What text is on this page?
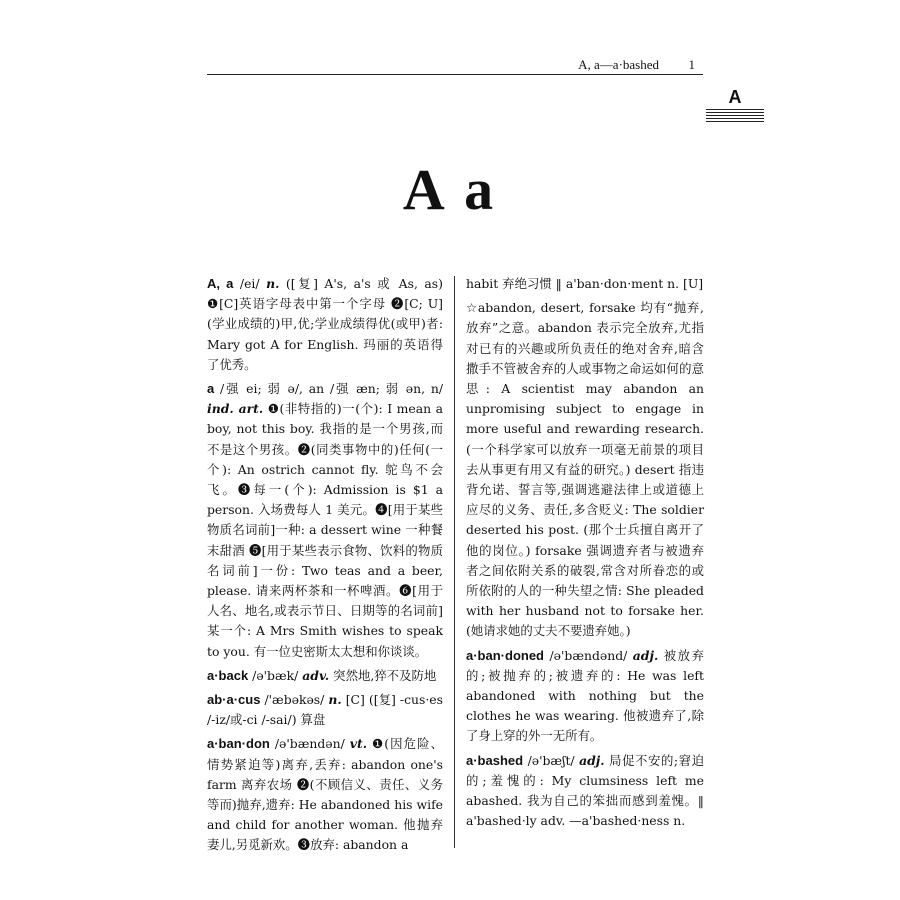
A, a—a·bashed 1
A
A a

A, a /ei/ n. ([复] A's, a's 或 As, as) ❶[C]英语字母表中第一个字母 ❷[C; U](学业成绩的)甲,优;学业成绩得优(或甲)者: Mary got A for English. 玛丽的英语得了优秀。

a /强 ei; 弱 ə/, an /强 æn; 弱 ən, n/ ind. art. ❶(非特指的)一(个): I mean a boy, not this boy. 我指的是一个男孩,而不是这个男孩。❷(同类事物中的)任何(一个): An ostrich cannot fly. 鸵鸟不会飞。❸每一(个): Admission is $1 a person. 入场费每人 1 美元。❹[用于某些物质名词前]一种: a dessert wine 一种餐末甜酒 ❺[用于某些表示食物、饮料的物质名词前]一份: Two teas and a beer, please. 请来两杯茶和一杯啤酒。❻[用于人名、地名,或表示节日、日期等的名词前]某一个: A Mrs Smith wishes to speak to you. 有一位史密斯太太想和你谈谈。

a·back /ə'bæk/ adv. 突然地,猝不及防地

ab·a·cus /'æbəkəs/ n. [C] ([复] -cus·es /-iz/或-ci /-sai/) 算盘

a·ban·don /ə'bændən/ vt. ❶(因危险、情势紧迫等)离弃,丢弃: abandon one's farm 离弃农场 ❷(不顾信义、责任、义务等而)抛弃,遗弃: He abandoned his wife and child for another woman. 他抛弃妻儿,另觅新欢。❸放弃: abandon a

habit 弃绝习惯 ‖ a'ban·don·ment n. [U]

☆abandon, desert, forsake 均有“抛弃,放弃”之意。abandon 表示完全放弃,尤指对已有的兴趣或所负责任的绝对舍弃,暗含撒手不管被舍弃的人或事物之命运如何的意思: A scientist may abandon an unpromising subject to engage in more useful and rewarding research. (一个科学家可以放弃一项毫无前景的项目去从事更有用又有益的研究。) desert 指违背允诺、誓言等,强调逃避法律上或道德上应尽的义务、责任,多含贬义: The soldier deserted his post. (那个士兵擅自离开了他的岗位。) forsake 强调遗弃者与被遗弃者之间依附关系的破裂,常含对所眷恋的或所依附的人的一种失望之情: She pleaded with her husband not to forsake her. (她请求她的丈夫不要遗弃她。)

a·ban·doned /ə'bændənd/ adj. 被放弃的;被抛弃的;被遗弃的: He was left abandoned with nothing but the clothes he was wearing. 他被遗弃了,除了身上穿的外一无所有。

a·bashed /ə'bæʃt/ adj. 局促不安的;窘迫的;羞愧的: My clumsiness left me abashed. 我为自己的笨拙而感到羞愧。‖ a'bashed·ly adv. —a'bashed·ness n.
